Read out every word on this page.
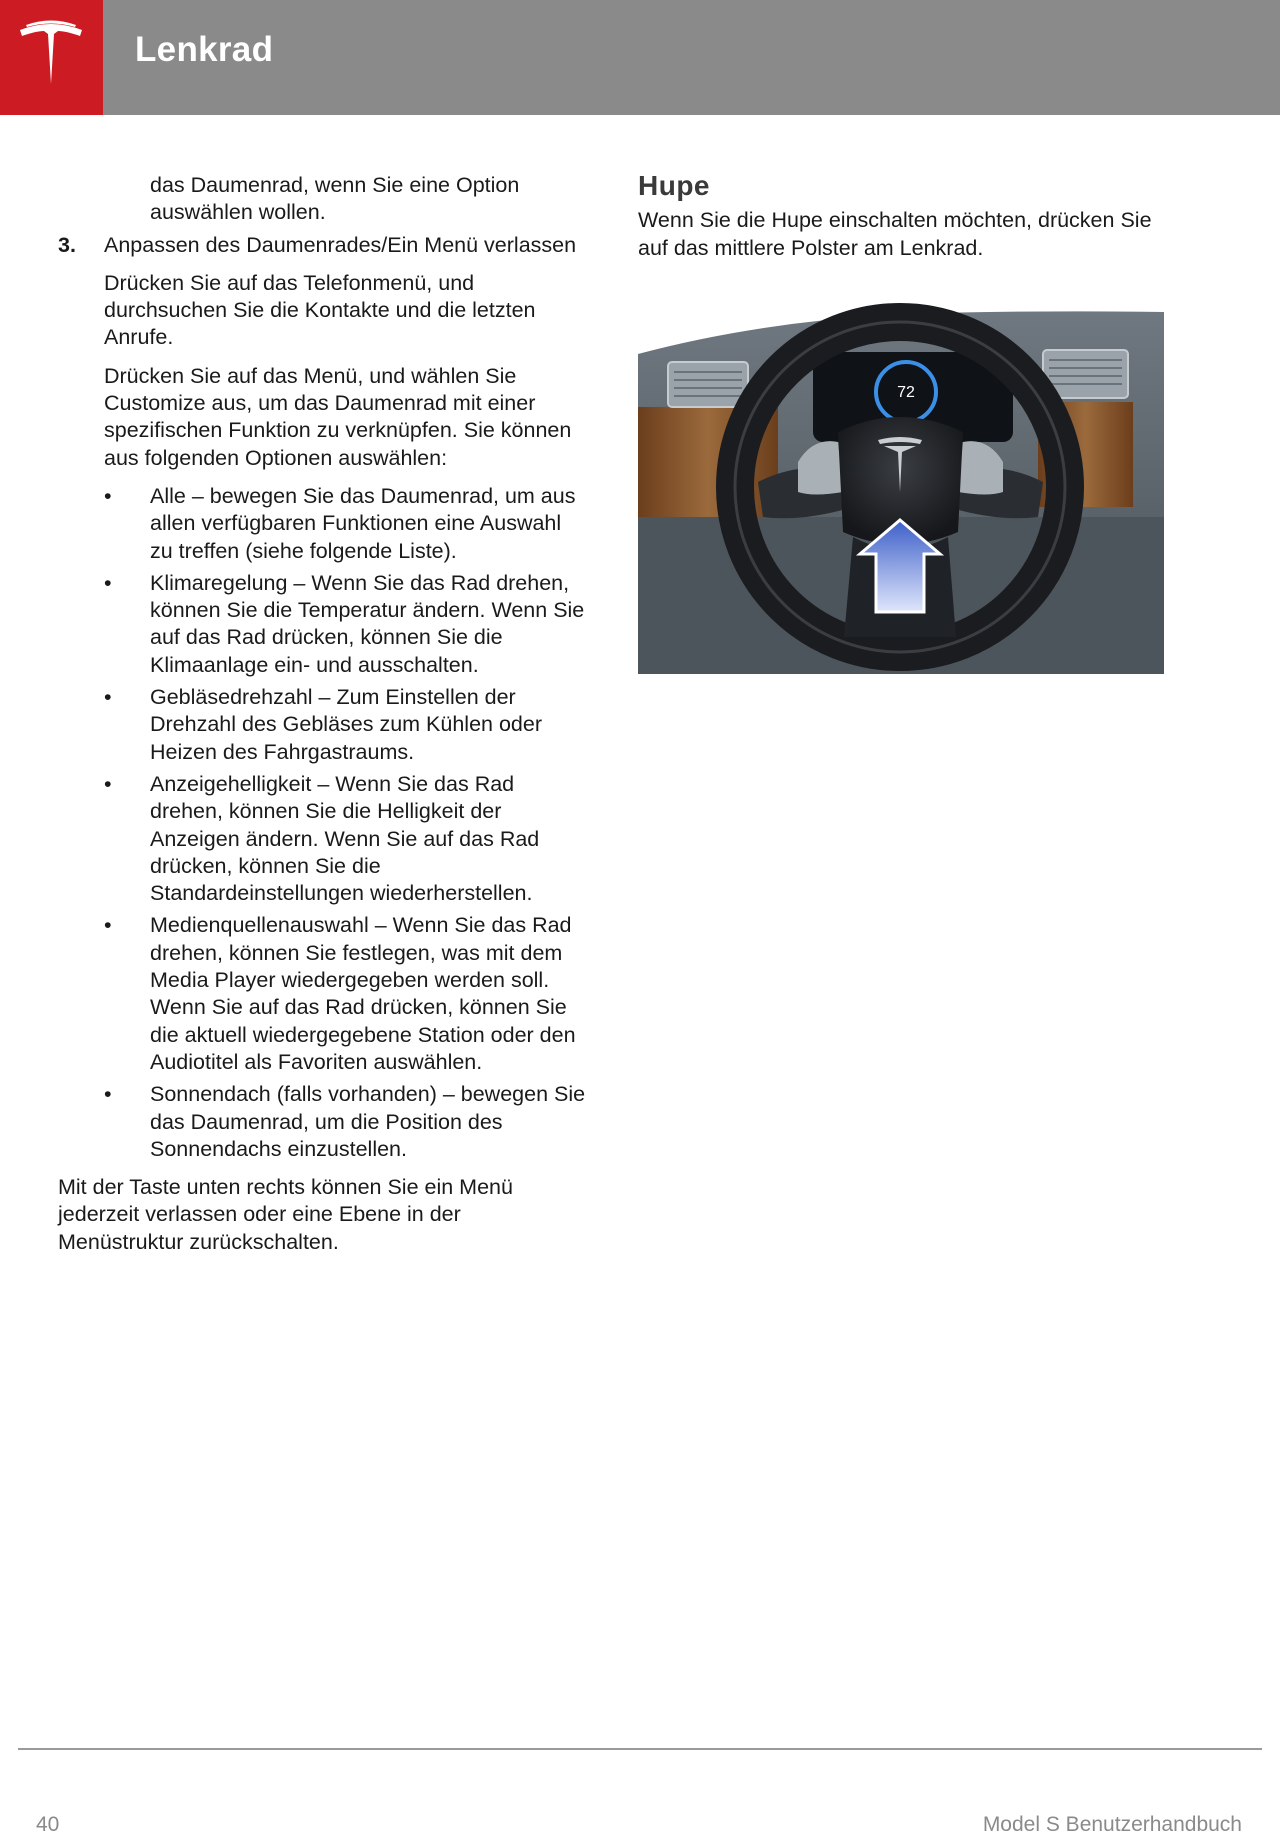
Lenkrad

das Daumenrad, wenn Sie eine Option auswählen wollen.

3.	Anpassen des Daumenrades/Ein Menü verlassen

Drücken Sie auf das Telefonmenü, und durchsuchen Sie die Kontakte und die letzten Anrufe.

Drücken Sie auf das Menü, und wählen Sie Customize aus, um das Daumenrad mit einer spezifischen Funktion zu verknüpfen. Sie können aus folgenden Optionen auswählen:

•	Alle – bewegen Sie das Daumenrad, um aus allen verfügbaren Funktionen eine Auswahl zu treffen (siehe folgende Liste).
•	Klimaregelung – Wenn Sie das Rad drehen, können Sie die Temperatur ändern. Wenn Sie auf das Rad drücken, können Sie die Klimaanlage ein- und ausschalten.
•	Gebläsedrehzahl – Zum Einstellen der Drehzahl des Gebläses zum Kühlen oder Heizen des Fahrgastraums.
•	Anzeigehelligkeit – Wenn Sie das Rad drehen, können Sie die Helligkeit der Anzeigen ändern. Wenn Sie auf das Rad drücken, können Sie die Standardeinstellungen wiederherstellen.
•	Medienquellenauswahl – Wenn Sie das Rad drehen, können Sie festlegen, was mit dem Media Player wiedergegeben werden soll. Wenn Sie auf das Rad drücken, können Sie die aktuell wiedergegebene Station oder den Audiotitel als Favoriten auswählen.
•	Sonnendach (falls vorhanden) – bewegen Sie das Daumenrad, um die Position des Sonnendachs einzustellen.

Mit der Taste unten rechts können Sie ein Menü jederzeit verlassen oder eine Ebene in der Menüstruktur zurückschalten.

Hupe

Wenn Sie die Hupe einschalten möchten, drücken Sie auf das mittlere Polster am Lenkrad.

72
40	Model S Benutzerhandbuch
